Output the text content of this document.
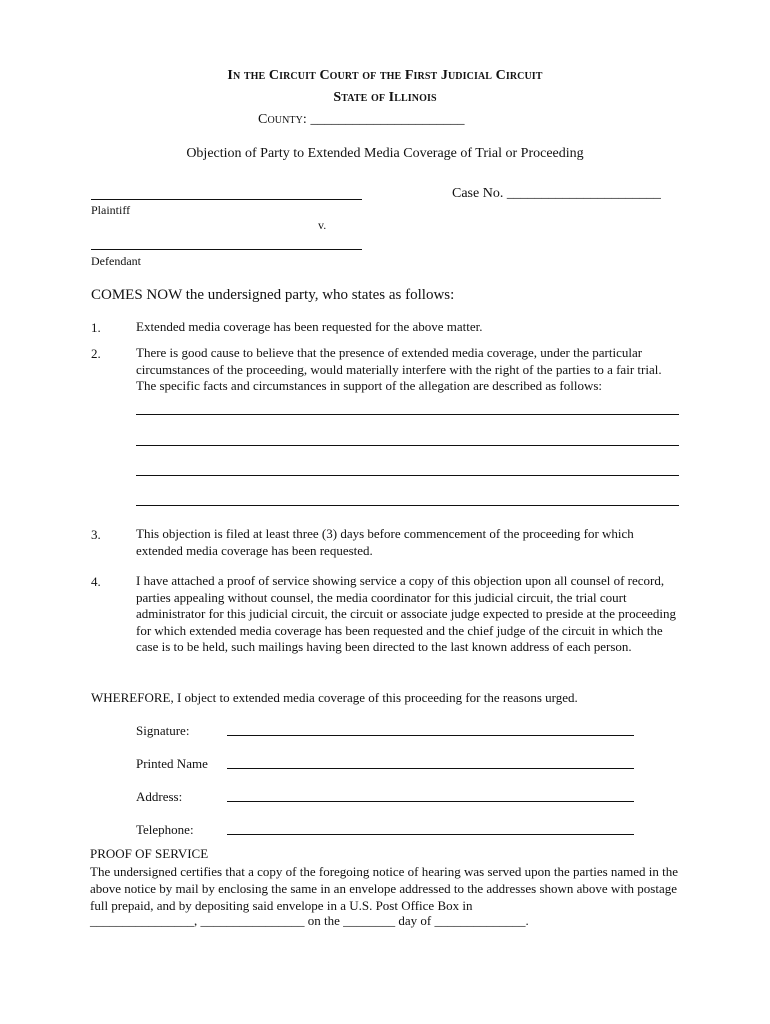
In the Circuit Court of the First Judicial Circuit
State of Illinois
County: ______________________
Objection of Party to Extended Media Coverage of Trial or Proceeding
Plaintiff
Case No. ______________________
v.
Defendant
COMES NOW the undersigned party, who states as follows:
1.	Extended media coverage has been requested for the above matter.
2.	There is good cause to believe that the presence of extended media coverage, under the particular circumstances of the proceeding, would materially interfere with the right of the parties to a fair trial. The specific facts and circumstances in support of the allegation are described as follows:
3.	This objection is filed at least three (3) days before commencement of the proceeding for which extended media coverage has been requested.
4.	I have attached a proof of service showing service a copy of this objection upon all counsel of record, parties appealing without counsel, the media coordinator for this judicial circuit, the trial court administrator for this judicial circuit, the circuit or associate judge expected to preside at the proceeding for which extended media coverage has been requested and the chief judge of the circuit in which the case is to be held, such mailings having been directed to the last known address of each person.
WHEREFORE, I object to extended media coverage of this proceeding for the reasons urged.
Signature:
Printed Name
Address:
Telephone:
PROOF OF SERVICE
The undersigned certifies that a copy of the foregoing notice of hearing was served upon the parties named in the above notice by mail by enclosing the same in an envelope addressed to the addresses shown above with postage full prepaid, and by depositing said envelope in a U.S. Post Office Box in
________________, ________________ on the ________ day of ______________.
